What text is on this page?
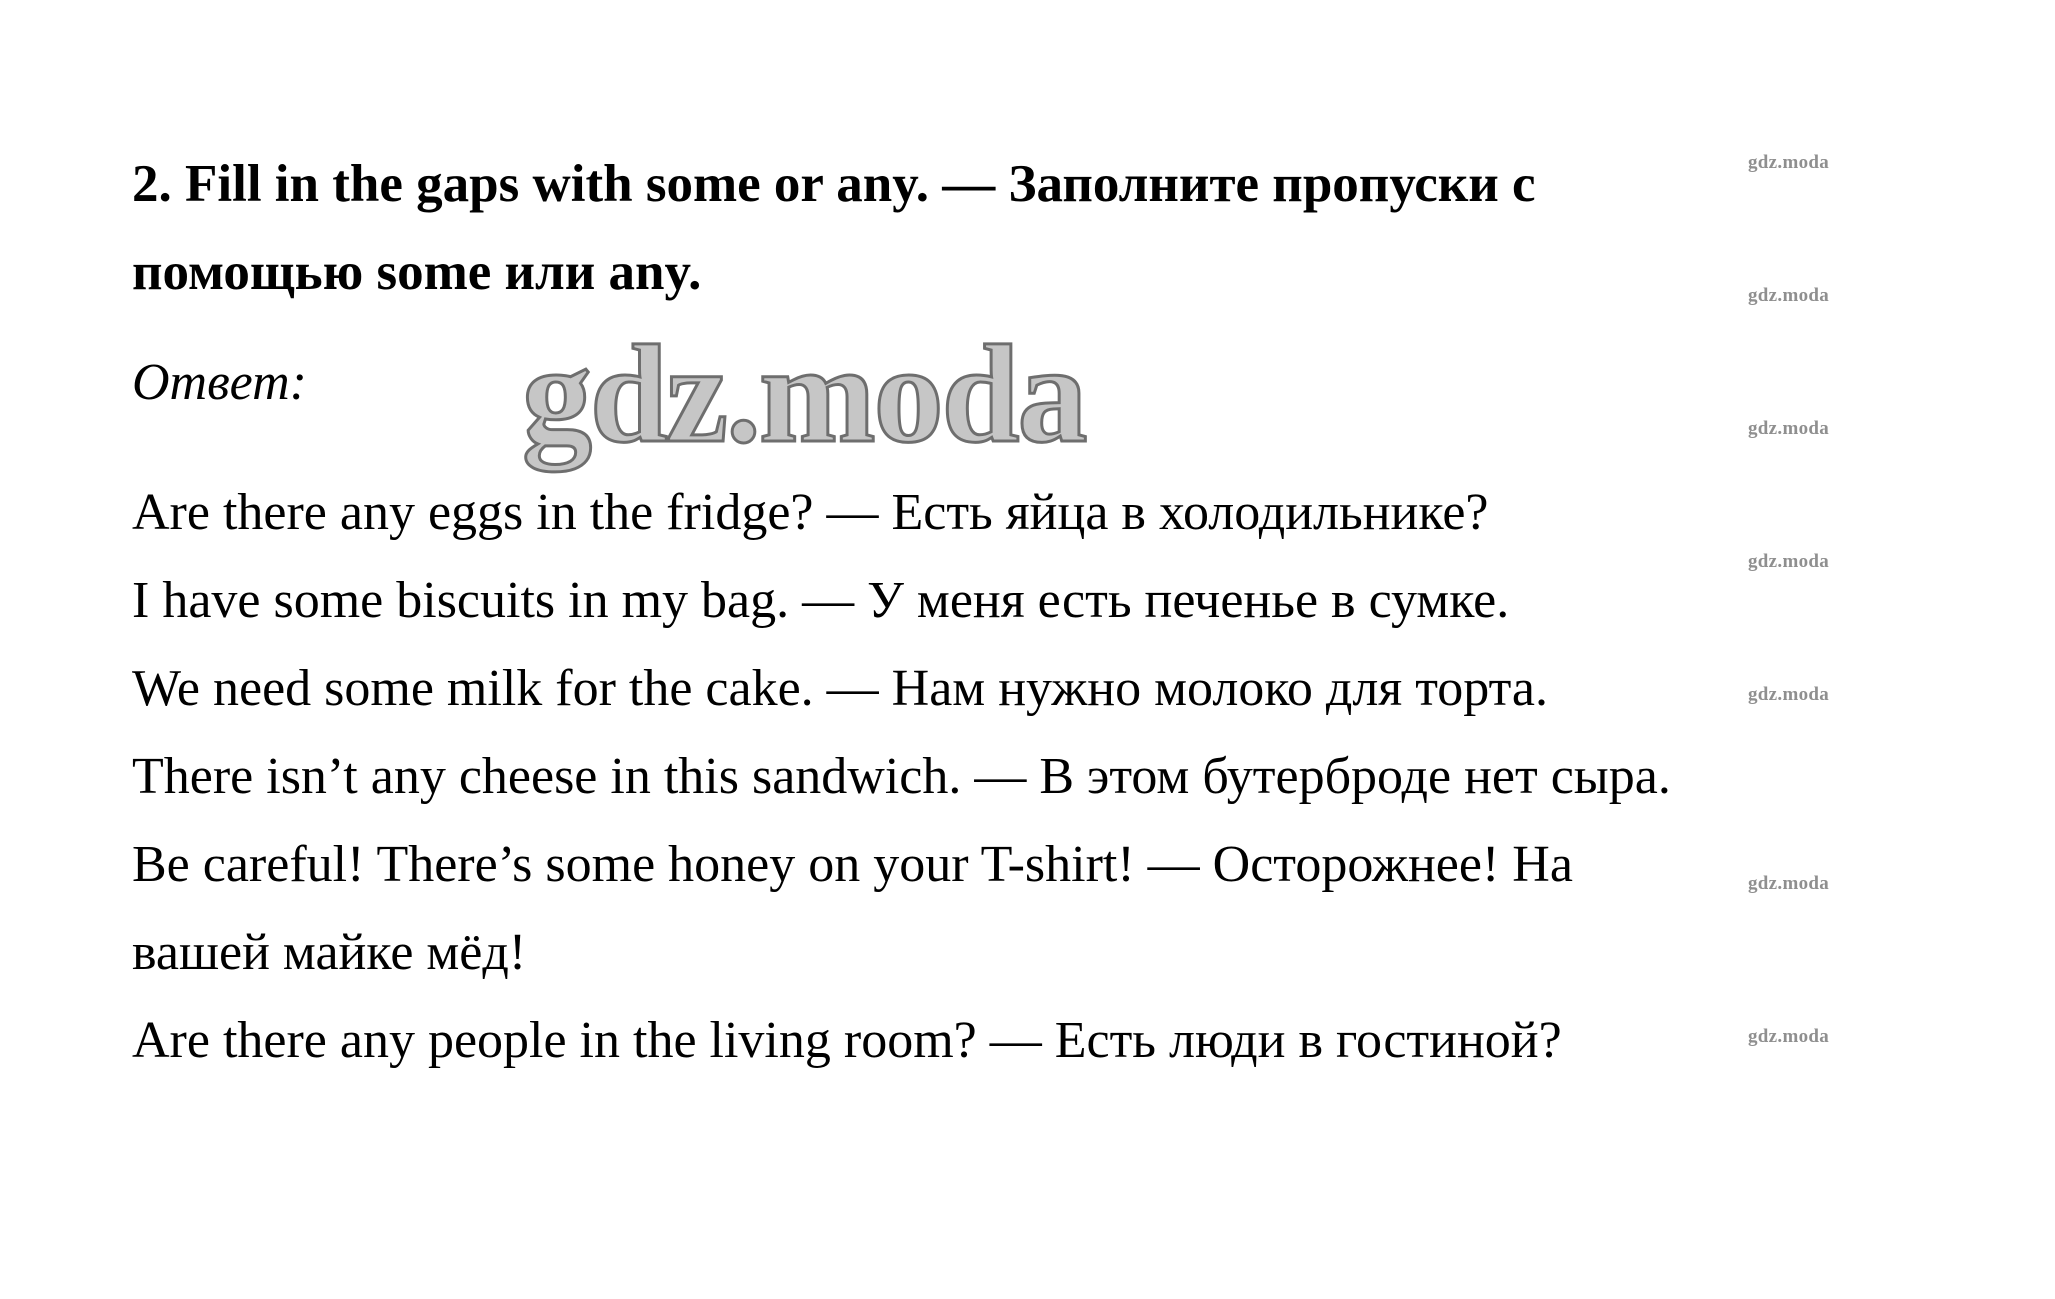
2. Fill in the gaps with some or any. — Заполните пропуски с
помощью some или any.

Ответ: gdz.moda
Are there any eggs in the fridge? — Есть яйца в холодильнике?
I have some biscuits in my bag. — У меня есть печенье в сумке.
We need some milk for the cake. — Нам нужно молоко для торта.
There isn’t any cheese in this sandwich. — В этом бутерброде нет сыра.
Be careful! There’s some honey on your T-shirt! — Осторожнее! На
вашей майке мёд!
Are there any people in the living room? — Есть люди в гостиной?
gdz.moda
gdz.moda
gdz.moda
gdz.moda
gdz.moda
gdz.moda
gdz.moda
